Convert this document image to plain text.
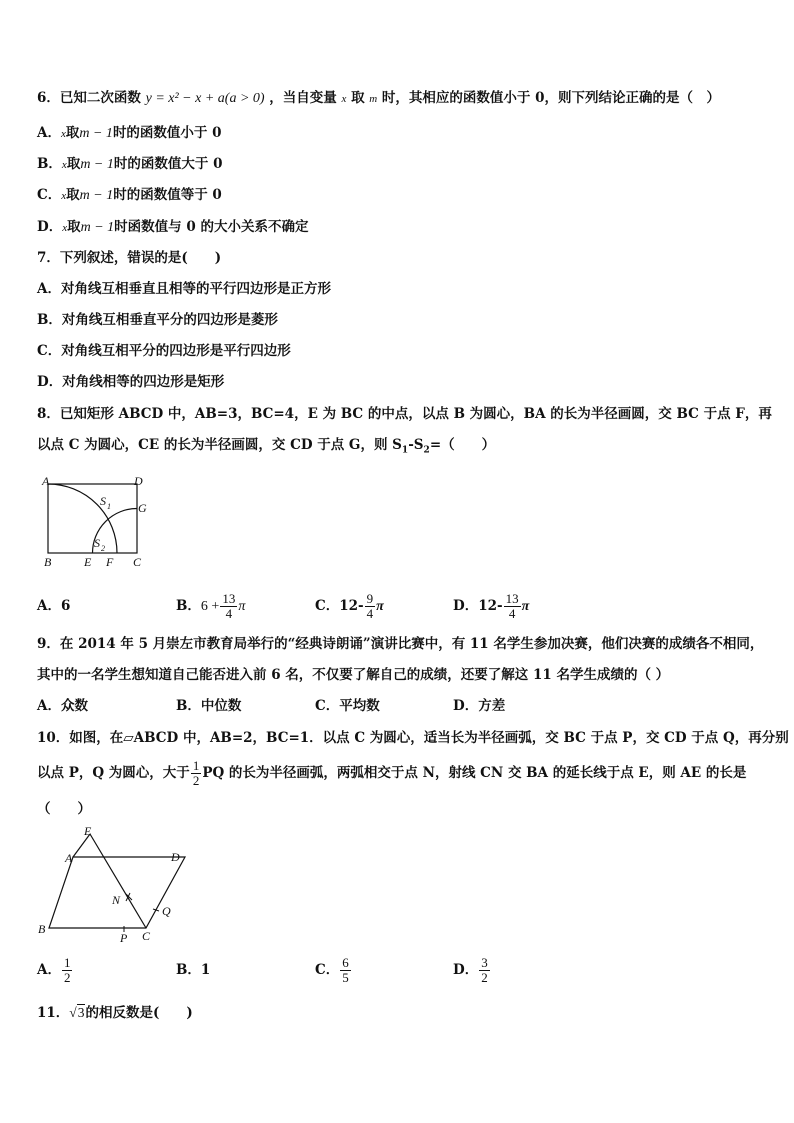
6．已知二次函数 y = x² − x + a(a > 0) ，当自变量 x 取 m 时，其相应的函数值小于 0，则下列结论正确的是（　）
A．x取m − 1时的函数值小于 0
B．x取m − 1时的函数值大于 0
C．x取m − 1时的函数值等于 0
D．x取m − 1时函数值与 0 的大小关系不确定
7．下列叙述，错误的是(　　)
A．对角线互相垂直且相等的平行四边形是正方形
B．对角线互相垂直平分的四边形是菱形
C．对角线互相平分的四边形是平行四边形
D．对角线相等的四边形是矩形
8．已知矩形 ABCD 中，AB=3，BC=4，E 为 BC 的中点，以点 B 为圆心，BA 的长为半径画圆，交 BC 于点 F，再
以点 C 为圆心，CE 的长为半径画圆，交 CD 于点 G，则 $S_1-S_2=$（　　）
A	D
G
B	E F C
S 1
S 2
A．6	B．$6 + \frac{13}{4}$ π	C．$12- \frac{9}{4}$ π	D．$12- \frac{13}{4}$ π
9．在 2014 年 5 月崇左市教育局举行的“经典诗朗诵”演讲比赛中，有 11 名学生参加决赛，他们决赛的成绩各不相同，
其中的一名学生想知道自己能否进入前 6 名，不仅要了解自己的成绩，还要了解这 11 名学生成绩的（ ）
A．众数	B．中位数	C．平均数	D．方差
10．如图，在▱ABCD 中，AB=2，BC=1．以点 C 为圆心，适当长为半径画弧，交 BC 于点 P，交 CD 于点 Q，再分别
以点 P，Q 为圆心，大于 $\frac{1}{2}$ PQ 的长为半径画弧，两弧相交于点 N，射线 CN 交 BA 的延长线于点 E，则 AE 的长是
（　　）
E
A	D
N
Q
B
P C
A． $\frac{1}{2}$	B．1	C． $\frac{6}{5}$	D． $\frac{3}{2}$
11．√3的相反数是(　　)
